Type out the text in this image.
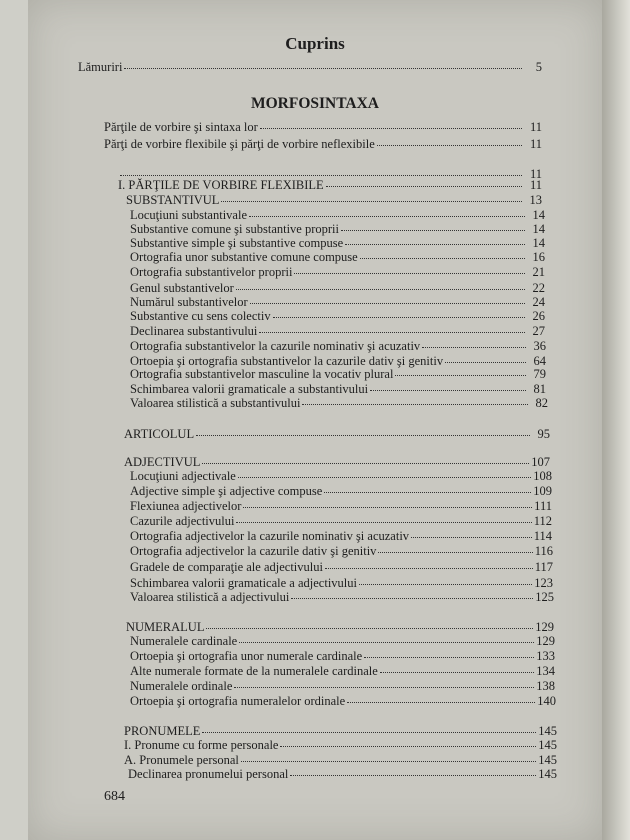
Cuprins
MORFOSINTAXA
Lămuriri	5
Părţile de vorbire şi sintaxa lor	11
Părţi de vorbire flexibile şi părţi de vorbire neflexibile	11
11
I. PĂRŢILE DE VORBIRE FLEXIBILE	11
SUBSTANTIVUL	13
Locuţiuni substantivale	14
Substantive comune şi substantive proprii	14
Substantive simple şi substantive compuse	14
Ortografia unor substantive comune compuse	16
Ortografia substantivelor proprii	21
Genul substantivelor	22
Numărul substantivelor	24
Substantive cu sens colectiv	26
Declinarea substantivului	27
Ortografia substantivelor la cazurile nominativ şi acuzativ	36
Ortoepia şi ortografia substantivelor la cazurile dativ şi genitiv	64
Ortografia substantivelor masculine la vocativ plural	79
Schimbarea valorii gramaticale a substantivului	81
Valoarea stilistică a substantivului	82
ARTICOLUL	95
ADJECTIVUL	107
Locuţiuni adjectivale	108
Adjective simple şi adjective compuse	109
Flexiunea adjectivelor	111
Cazurile adjectivului	112
Ortografia adjectivelor la cazurile nominativ şi acuzativ	114
Ortografia adjectivelor la cazurile dativ şi genitiv	116
Gradele de comparaţie ale adjectivului	117
Schimbarea valorii gramaticale a adjectivului	123
Valoarea stilistică a adjectivului	125
NUMERALUL	129
Numeralele cardinale	129
Ortoepia şi ortografia unor numerale cardinale	133
Alte numerale formate de la numeralele cardinale	134
Numeralele ordinale	138
Ortoepia şi ortografia numeralelor ordinale	140
PRONUMELE	145
I. Pronume cu forme personale	145
A. Pronumele personal	145
Declinarea pronumelui personal	145
684
